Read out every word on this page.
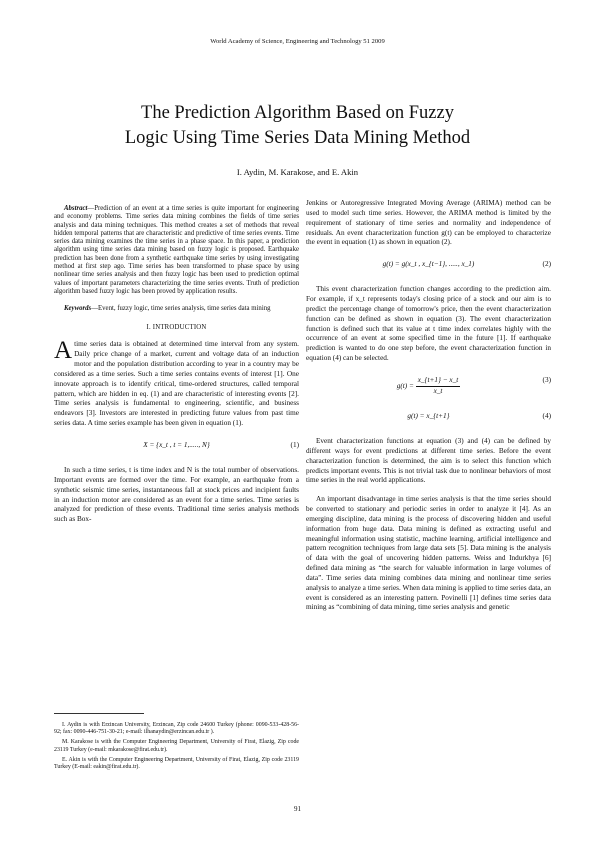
World Academy of Science, Engineering and Technology 51 2009
The Prediction Algorithm Based on Fuzzy
Logic Using Time Series Data Mining Method
I. Aydin, M. Karakose, and E. Akin

Abstract—Prediction of an event at a time series is quite important for engineering and economy problems. Time series data mining combines the fields of time series analysis and data mining techniques. This method creates a set of methods that reveal hidden temporal patterns that are characteristic and predictive of time series events. Time series data mining examines the time series in a phase space. In this paper, a prediction algorithm using time series data mining based on fuzzy logic is proposed. Earthquake prediction has been done from a synthetic earthquake time series by using investigating method at first step ago. Time series has been transformed to phase space by using nonlinear time series analysis and then fuzzy logic has been used to prediction optimal values of important parameters characterizing the time series events. Truth of prediction algorithm based fuzzy logic has been proved by application results.

Keywords—Event, fuzzy logic, time series analysis, time series data mining

I. INTRODUCTION

Atime series data is obtained at determined time interval from any system. Daily price change of a market, current and voltage data of an induction motor and the population distribution according to year in a country may be considered as a time series. Such a time series contains events of interest [1]. One innovate approach is to identify critical, time-ordered structures, called temporal pattern, which are hidden in eq. (1) and are characteristic of interesting events [2]. Time series analysis is fundamental to engineering, scientific, and business endeavors [3]. Investors are interested in predicting future values from past time series data. A time series example has been given in equation (1).

X = {x_t , t = 1,....., N}	(1)

In such a time series, t is time index and N is the total number of observations. Important events are formed over the time. For example, an earthquake from a synthetic seismic time series, instantaneous fall at stock prices and incipient faults in an induction motor are considered as an event for a time series. Time series is analyzed for prediction of these events. Traditional time series analysis methods such as Box-

I. Aydin is with Erzincan University, Erzincan, Zip code 24600 Turkey (phone: 0090-533-428-56-92; fax: 0090-446-751-30-21; e-mail: ilhanaydin@erzincan.edu.tr ).

M. Karakose is with the Computer Engineering Department, University of Firat, Elazig, Zip code 23119 Turkey (e-mail: mkarakose@firat.edu.tr).

E. Akin is with the Computer Engineering Department, University of Firat, Elazig, Zip code 23119 Turkey (E-mail: eakin@firat.edu.tr).

Jenkins or Autoregressive Integrated Moving Average (ARIMA) method can be used to model such time series. However, the ARIMA method is limited by the requirement of stationary of time series and normality and independence of residuals. An event characterization function g(t) can be employed to characterize the event in equation (1) as shown in equation (2).

g(t) = g(x_t , x_{t−1}, ....., x_1)	(2)

This event characterization function changes according to the prediction aim. For example, if x_t represents today's closing price of a stock and our aim is to predict the percentage change of tomorrow's price, then the event characterization function can be defined as shown in equation (3). The event characterization function is defined such that its value at t time index correlates highly with the occurrence of an event at some specified time in the future [1]. If earthquake prediction is wanted to do one step before, the event characterization function in equation (4) can be selected.

$g(t) = \frac{x\_\{t+1\} - x\_t}{x\_t}$	(3)
g(t) = x_{t+1}	(4)

Event characterization functions at equation (3) and (4) can be defined by different ways for event predictions at different time series. Before the event characterization function is determined, the aim is to select this function which predicts important events. This is not trivial task due to nonlinear behaviors of most time series in the real world applications.

An important disadvantage in time series analysis is that the time series should be converted to stationary and periodic series in order to analyze it [4]. As an emerging discipline, data mining is the process of discovering hidden and useful information from huge data. Data mining is defined as extracting useful and meaningful information using statistic, machine learning, artificial intelligence and pattern recognition techniques from large data sets [5]. Data mining is the analysis of data with the goal of uncovering hidden patterns. Weiss and Indurkhya [6] defined data mining as “the search for valuable information in large volumes of data”. Time series data mining combines data mining and nonlinear time series analysis to analyze a time series. When data mining is applied to time series data, an event is considered as an interesting pattern. Povinelli [1] defines time series data mining as “combining of data mining, time series analysis and genetic

91
